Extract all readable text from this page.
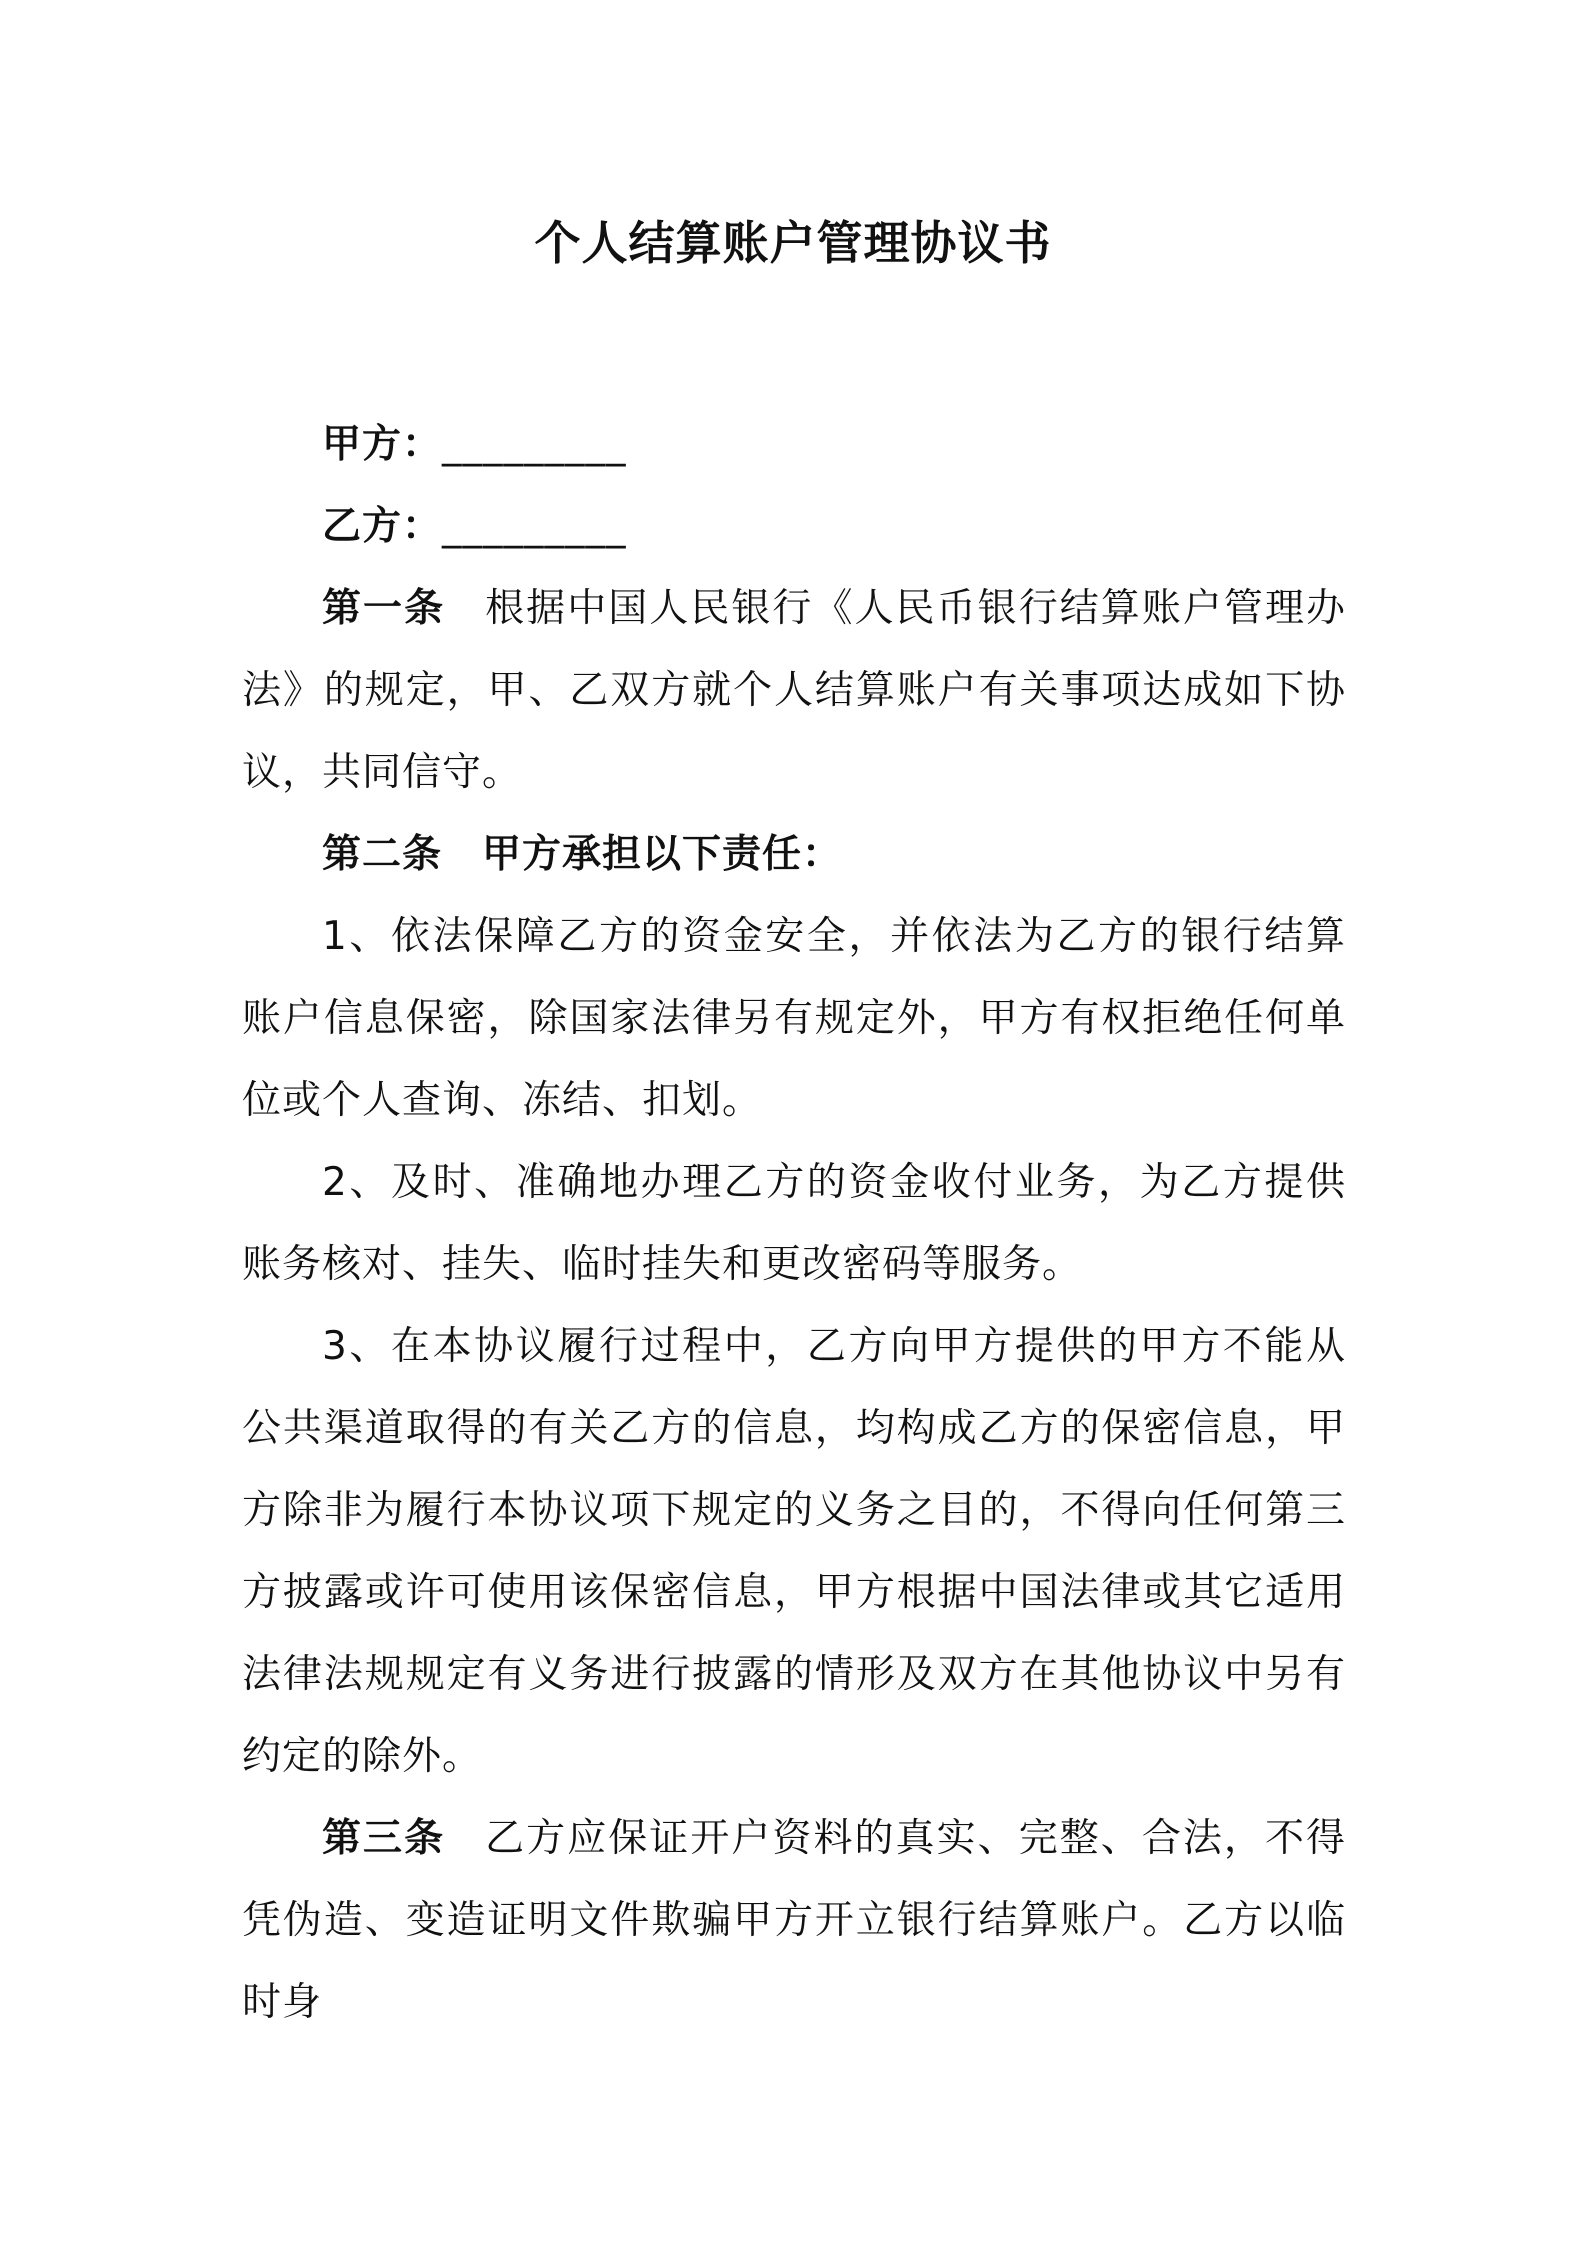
个人结算账户管理协议书

甲方：_________

乙方：_________

第一条 根据中国人民银行《人民币银行结算账户管理办法》的规定，甲、乙双方就个人结算账户有关事项达成如下协议，共同信守。

第二条 甲方承担以下责任：

1、依法保障乙方的资金安全，并依法为乙方的银行结算账户信息保密，除国家法律另有规定外，甲方有权拒绝任何单位或个人查询、冻结、扣划。

2、及时、准确地办理乙方的资金收付业务，为乙方提供账务核对、挂失、临时挂失和更改密码等服务。

3、在本协议履行过程中，乙方向甲方提供的甲方不能从公共渠道取得的有关乙方的信息，均构成乙方的保密信息，甲方除非为履行本协议项下规定的义务之目的，不得向任何第三方披露或许可使用该保密信息，甲方根据中国法律或其它适用法律法规规定有义务进行披露的情形及双方在其他协议中另有约定的除外。

第三条 乙方应保证开户资料的真实、完整、合法，不得凭伪造、变造证明文件欺骗甲方开立银行结算账户。乙方以临时身
